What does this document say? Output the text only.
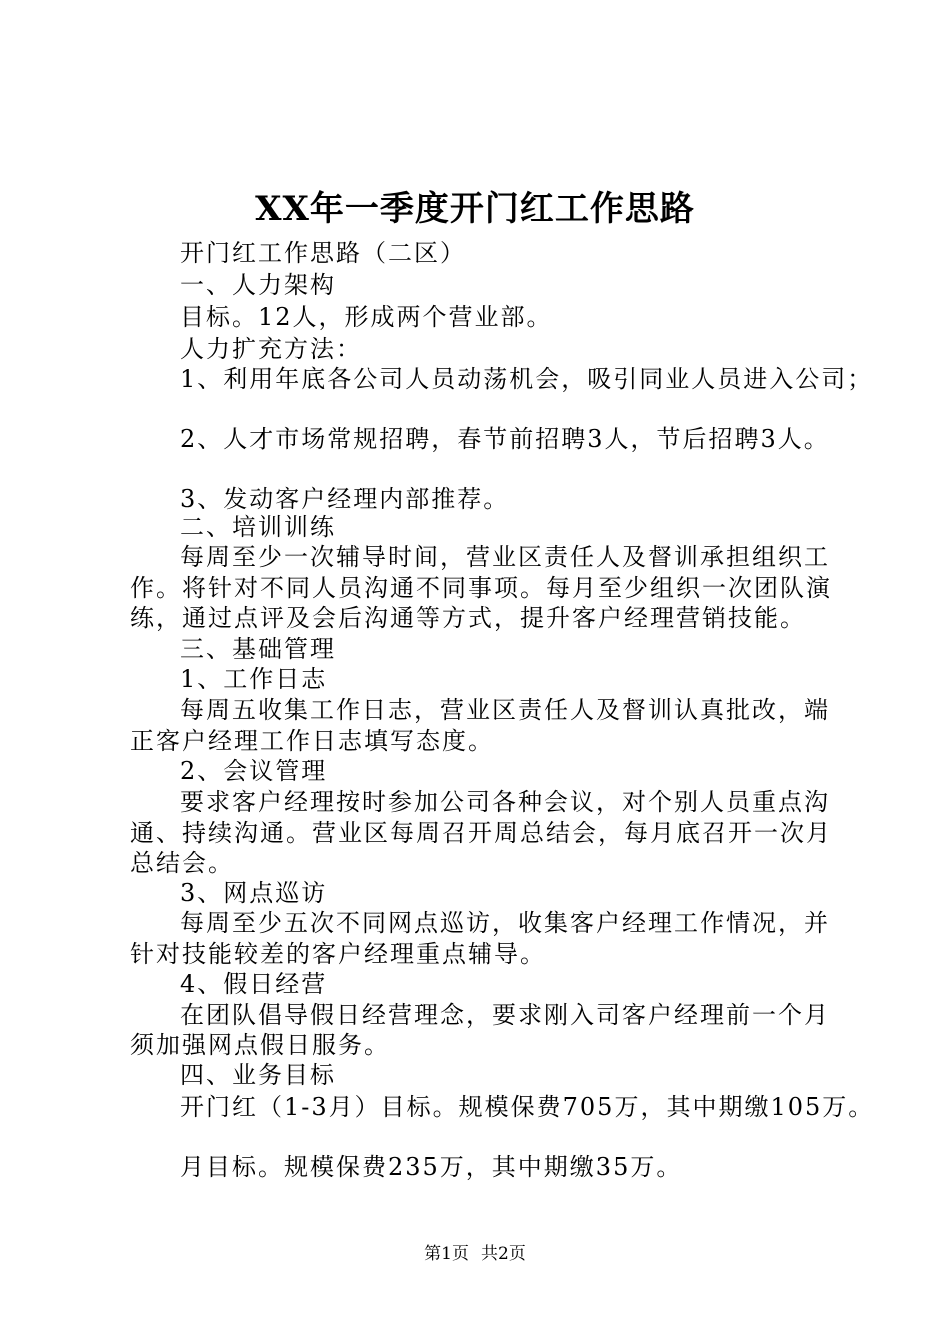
XX年一季度开门红工作思路
开门红工作思路（二区）
一、人力架构
目标。12人，形成两个营业部。
人力扩充方法：
1、利用年底各公司人员动荡机会，吸引同业人员进入公司；
2、人才市场常规招聘，春节前招聘3人，节后招聘3人。
3、发动客户经理内部推荐。
二、培训训练
每周至少一次辅导时间，营业区责任人及督训承担组织工
作。将针对不同人员沟通不同事项。每月至少组织一次团队演
练，通过点评及会后沟通等方式，提升客户经理营销技能。
三、基础管理
1、工作日志
每周五收集工作日志，营业区责任人及督训认真批改，端
正客户经理工作日志填写态度。
2、会议管理
要求客户经理按时参加公司各种会议，对个别人员重点沟
通、持续沟通。营业区每周召开周总结会，每月底召开一次月
总结会。
3、网点巡访
每周至少五次不同网点巡访，收集客户经理工作情况，并
针对技能较差的客户经理重点辅导。
4、假日经营
在团队倡导假日经营理念，要求刚入司客户经理前一个月
须加强网点假日服务。
四、业务目标
开门红（1-3月）目标。规模保费705万，其中期缴105万。
月目标。规模保费235万，其中期缴35万。
第1页 共2页
